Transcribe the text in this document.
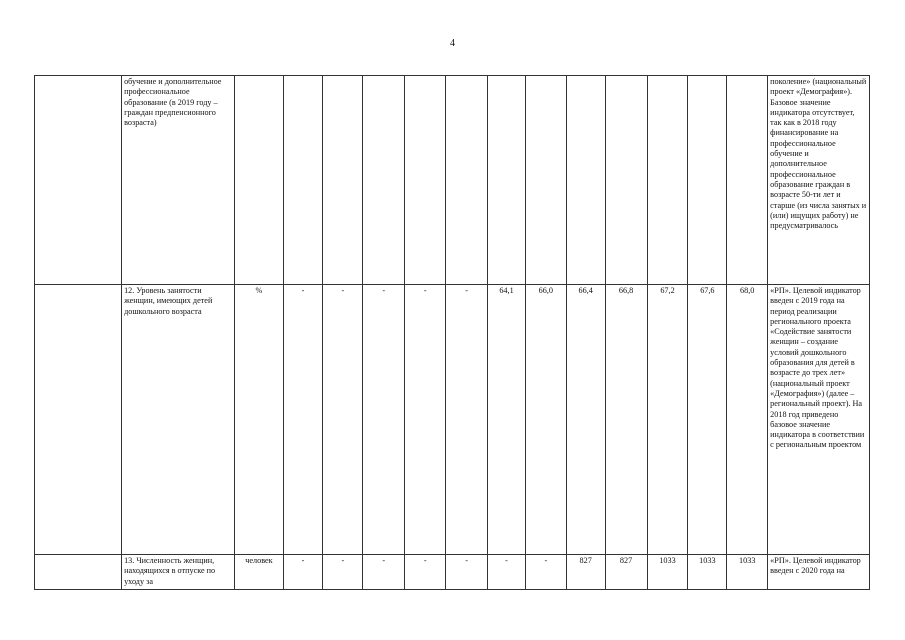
4
	обучение и дополнительное профессиональное образование (в 2019 году – граждан предпенсионного возраста)														поколение» (национальный проект «Демография»). Базовое значение индикатора отсутствует, так как в 2018 году финансирование на профессиональное обучение и дополнительное профессиональное образование граждан в возрасте 50-ти лет и старше (из числа занятых и (или) ищущих работу) не предусматривалось
	12. Уровень занятости женщин, имеющих детей дошкольного возраста	%	-	-	-	-	-	64,1	66,0	66,4	66,8	67,2	67,6	68,0	«РП». Целевой индикатор введен с 2019 года на период реализации регионального проекта «Содействие занятости женщин – создание условий дошкольного образования для детей в возрасте до трех лет» (национальный проект «Демография») (далее – региональный проект). На 2018 год приведено базовое значение индикатора в соответствии с региональным проектом
	13. Численность женщин, находящихся в отпуске по уходу за	человек	-	-	-	-	-	-	-	827	827	1033	1033	1033	«РП». Целевой индикатор введен с 2020 года на
